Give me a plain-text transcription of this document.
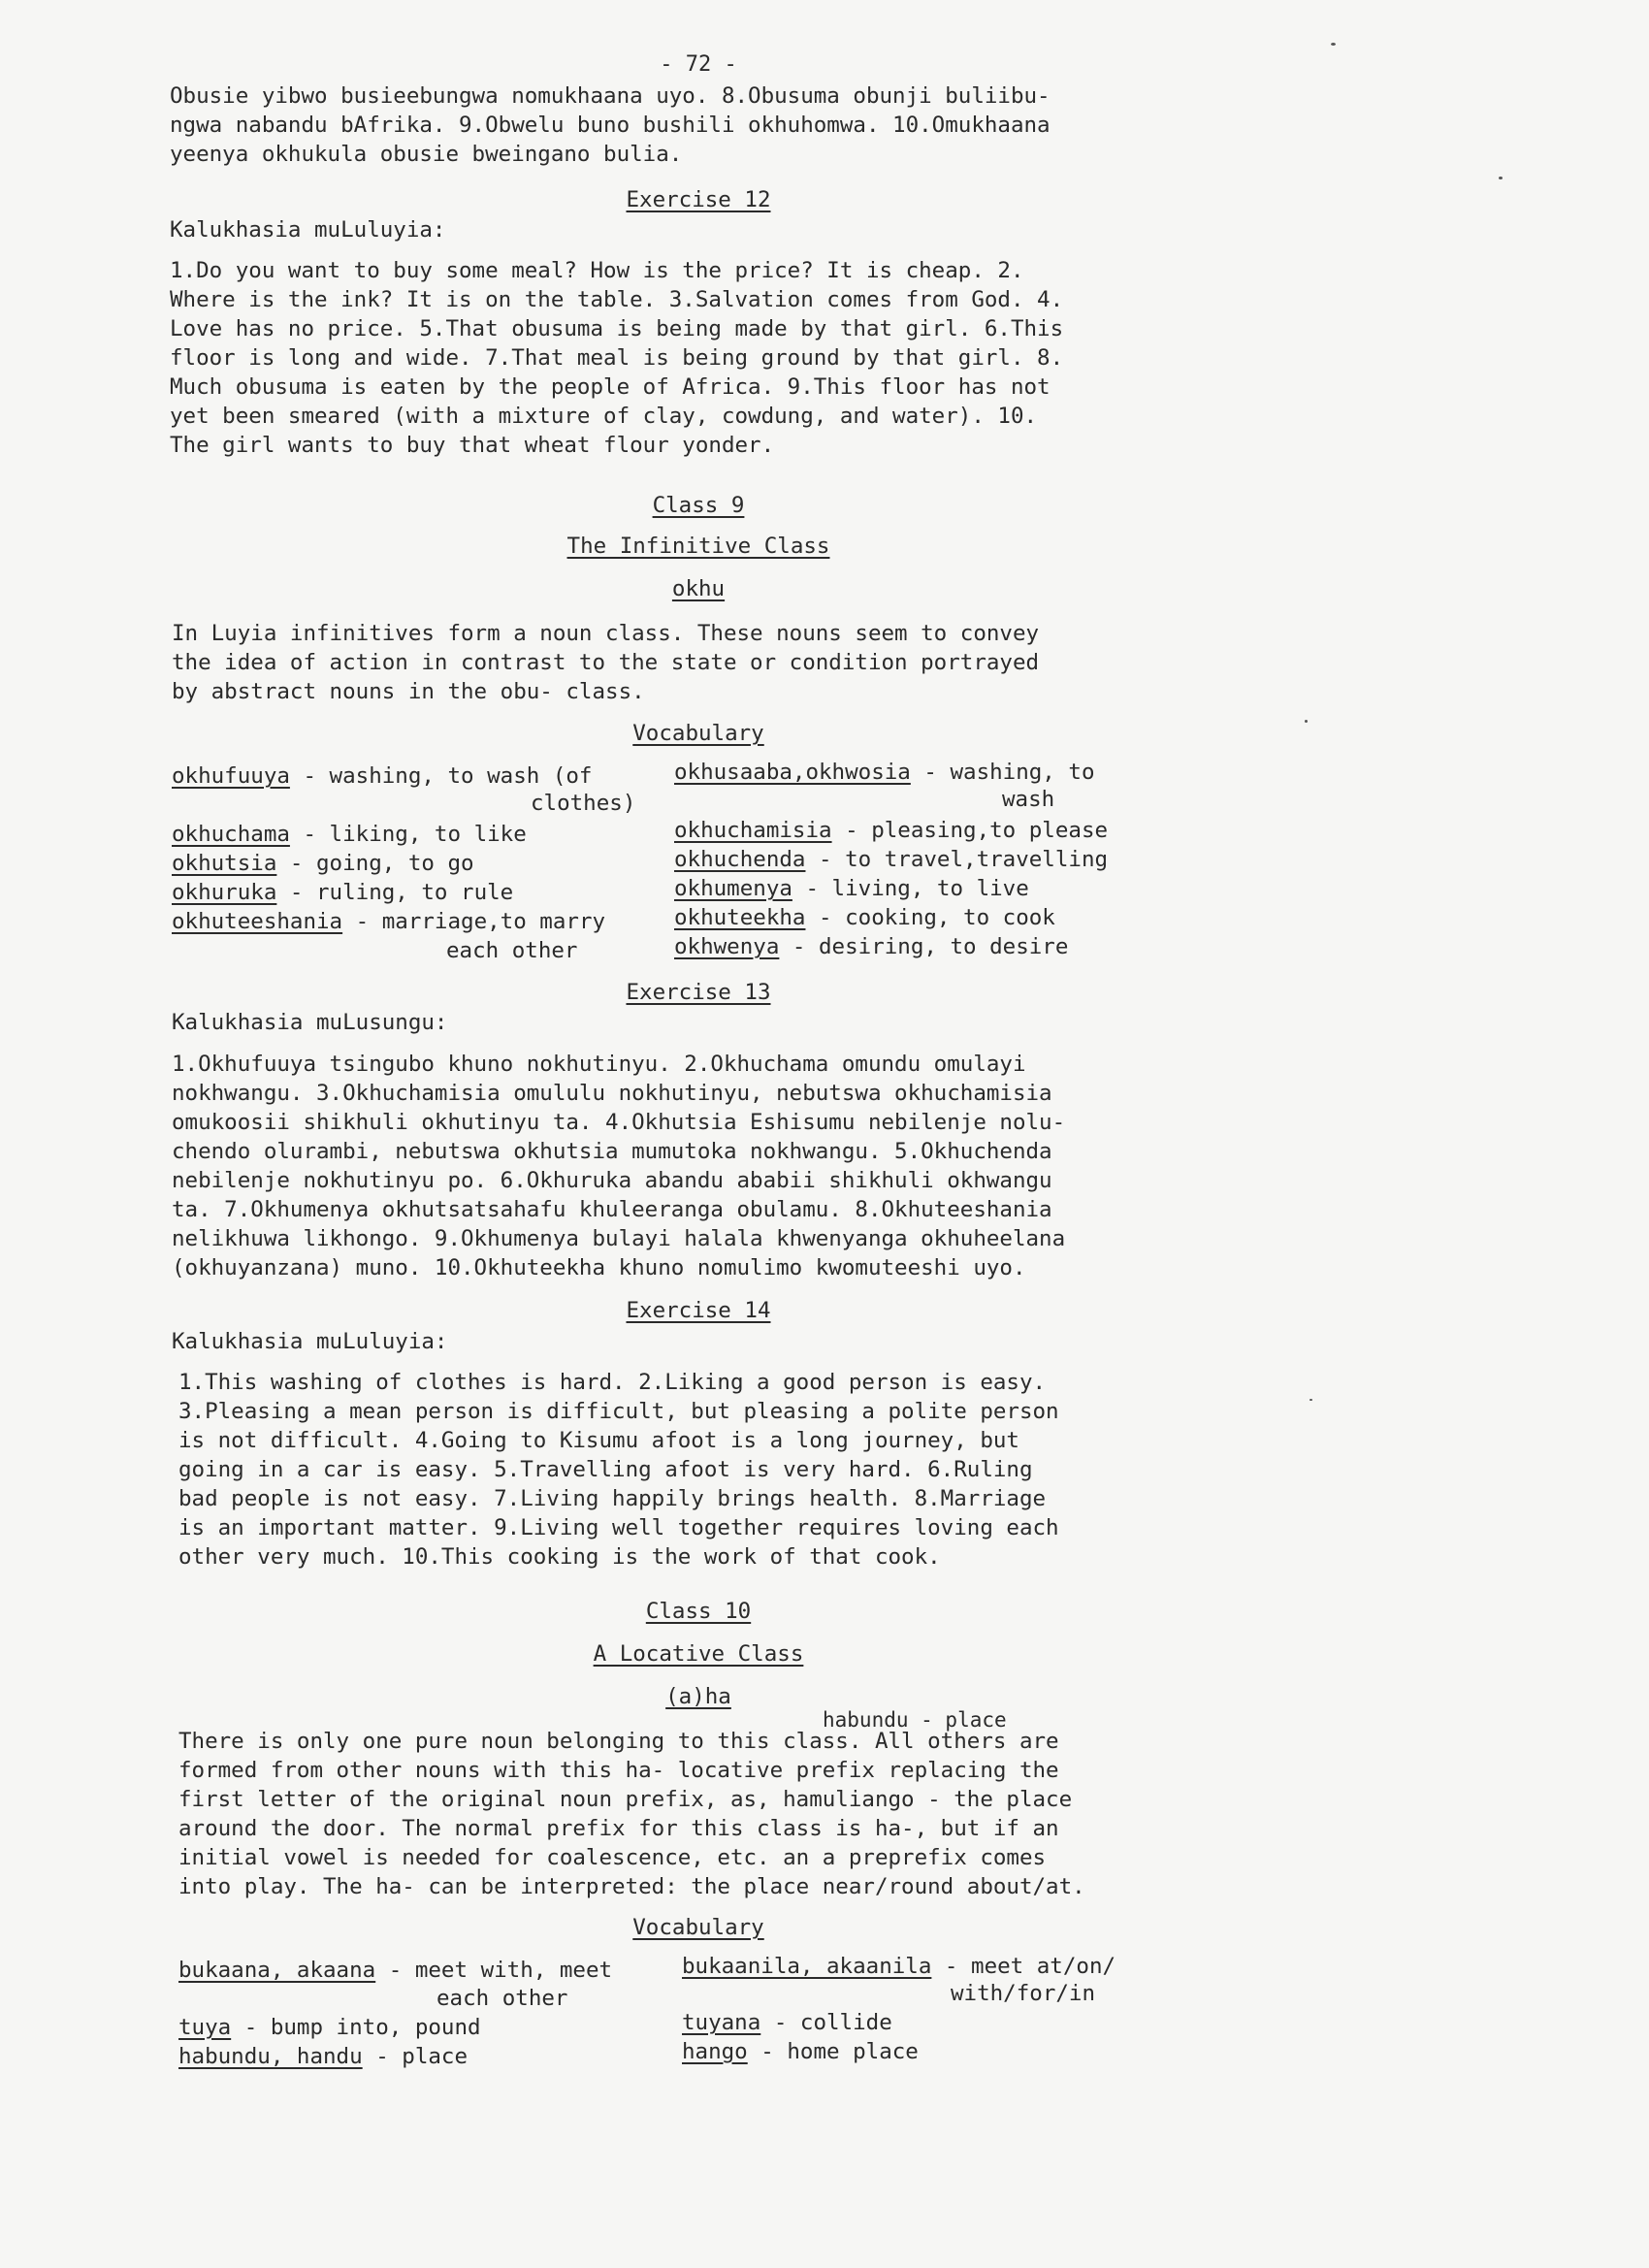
- 72 -
Obusie yibwo busieebungwa nomukhaana uyo. 8.Obusuma obunji buliibu-
ngwa nabandu bAfrika. 9.Obwelu buno bushili okhuhomwa. 10.Omukhaana
yeenya okhukula obusie bweingano bulia.
Exercise 12
Kalukhasia muLuluyia:
1.Do you want to buy some meal? How is the price? It is cheap. 2.
Where is the ink? It is on the table. 3.Salvation comes from God. 4.
Love has no price. 5.That obusuma is being made by that girl. 6.This
floor is long and wide. 7.That meal is being ground by that girl. 8.
Much obusuma is eaten by the people of Africa. 9.This floor has not
yet been smeared (with a mixture of clay, cowdung, and water). 10.
The girl wants to buy that wheat flour yonder.
Class 9
The Infinitive Class
okhu
In Luyia infinitives form a noun class. These nouns seem to convey
the idea of action in contrast to the state or condition portrayed
by abstract nouns in the obu- class.
Vocabulary
okhufuuya - washing, to wash (of
clothes)
okhuchama - liking, to like
okhutsia - going, to go
okhuruka - ruling, to rule
okhuteeshania - marriage,to marry
each other
okhusaaba,okhwosia - washing, to
wash
okhuchamisia - pleasing,to please
okhuchenda - to travel,travelling
okhumenya - living, to live
okhuteekha - cooking, to cook
okhwenya - desiring, to desire
Exercise 13
Kalukhasia muLusungu:
1.Okhufuuya tsingubo khuno nokhutinyu. 2.Okhuchama omundu omulayi
nokhwangu. 3.Okhuchamisia omululu nokhutinyu, nebutswa okhuchamisia
omukoosii shikhuli okhutinyu ta. 4.Okhutsia Eshisumu nebilenje nolu-
chendo olurambi, nebutswa okhutsia mumutoka nokhwangu. 5.Okhuchenda
nebilenje nokhutinyu po. 6.Okhuruka abandu ababii shikhuli okhwangu
ta. 7.Okhumenya okhutsatsahafu khuleeranga obulamu. 8.Okhuteeshania
nelikhuwa likhongo. 9.Okhumenya bulayi halala khwenyanga okhuheelana
(okhuyanzana) muno. 10.Okhuteekha khuno nomulimo kwomuteeshi uyo.
Exercise 14
Kalukhasia muLuluyia:
1.This washing of clothes is hard. 2.Liking a good person is easy.
3.Pleasing a mean person is difficult, but pleasing a polite person
is not difficult. 4.Going to Kisumu afoot is a long journey, but
going in a car is easy. 5.Travelling afoot is very hard. 6.Ruling
bad people is not easy. 7.Living happily brings health. 8.Marriage
is an important matter. 9.Living well together requires loving each
other very much. 10.This cooking is the work of that cook.
Class 10
A Locative Class
(a)ha
habundu - place
There is only one pure noun belonging to this class. All others are
formed from other nouns with this ha- locative prefix replacing the
first letter of the original noun prefix, as, hamuliango - the place
around the door. The normal prefix for this class is ha-, but if an
initial vowel is needed for coalescence, etc. an a preprefix comes
into play. The ha- can be interpreted: the place near/round about/at.
Vocabulary
bukaana, akaana - meet with, meet
each other
tuya - bump into, pound
habundu, handu - place
bukaanila, akaanila - meet at/on/
with/for/in
tuyana - collide
hango - home place
